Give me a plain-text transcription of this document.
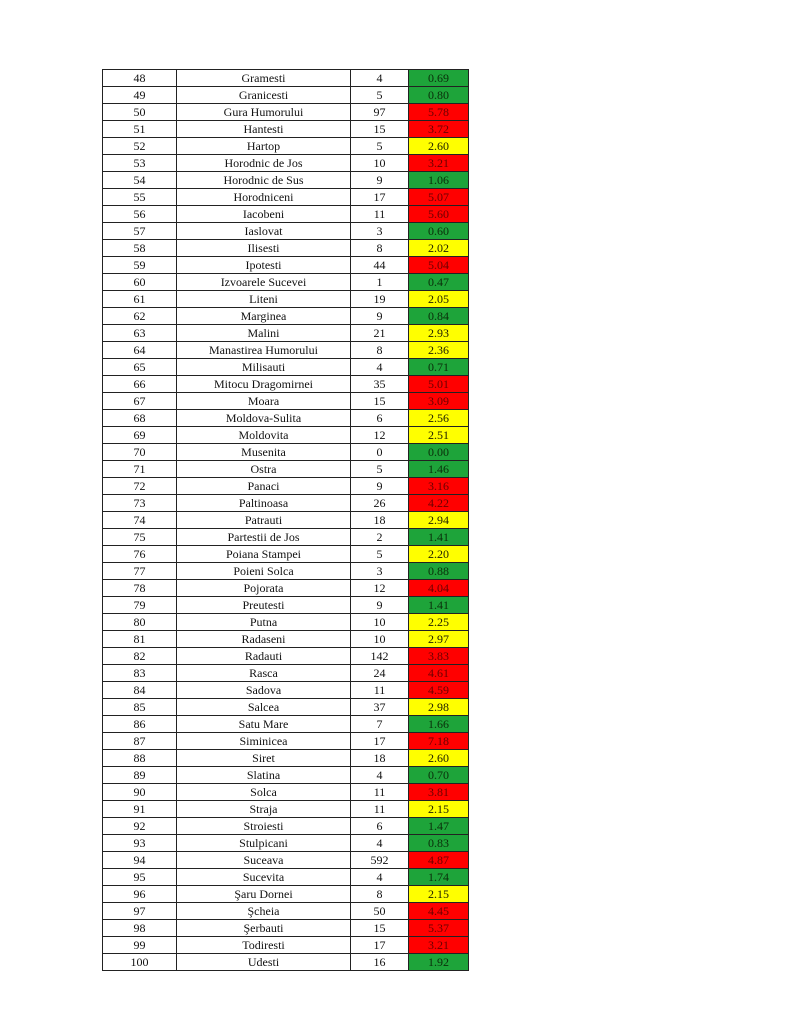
48	Gramesti	4	0.69
49	Granicesti	5	0.80
50	Gura Humorului	97	5.78
51	Hantesti	15	3.72
52	Hartop	5	2.60
53	Horodnic de Jos	10	3.21
54	Horodnic de Sus	9	1.06
55	Horodniceni	17	5.07
56	Iacobeni	11	5.60
57	Iaslovat	3	0.60
58	Ilisesti	8	2.02
59	Ipotesti	44	5.04
60	Izvoarele Sucevei	1	0.47
61	Liteni	19	2.05
62	Marginea	9	0.84
63	Malini	21	2.93
64	Manastirea Humorului	8	2.36
65	Milisauti	4	0.71
66	Mitocu Dragomirnei	35	5.01
67	Moara	15	3.09
68	Moldova-Sulita	6	2.56
69	Moldovita	12	2.51
70	Musenita	0	0.00
71	Ostra	5	1.46
72	Panaci	9	3.16
73	Paltinoasa	26	4.22
74	Patrauti	18	2.94
75	Partestii de Jos	2	1.41
76	Poiana Stampei	5	2.20
77	Poieni Solca	3	0.88
78	Pojorata	12	4.04
79	Preutesti	9	1.41
80	Putna	10	2.25
81	Radaseni	10	2.97
82	Radauti	142	3.83
83	Rasca	24	4.61
84	Sadova	11	4.59
85	Salcea	37	2.98
86	Satu Mare	7	1.66
87	Siminicea	17	7.18
88	Siret	18	2.60
89	Slatina	4	0.70
90	Solca	11	3.81
91	Straja	11	2.15
92	Stroiesti	6	1.47
93	Stulpicani	4	0.83
94	Suceava	592	4.87
95	Sucevita	4	1.74
96	Şaru Dornei	8	2.15
97	Şcheia	50	4.45
98	Şerbauti	15	5.37
99	Todiresti	17	3.21
100	Udesti	16	1.92
